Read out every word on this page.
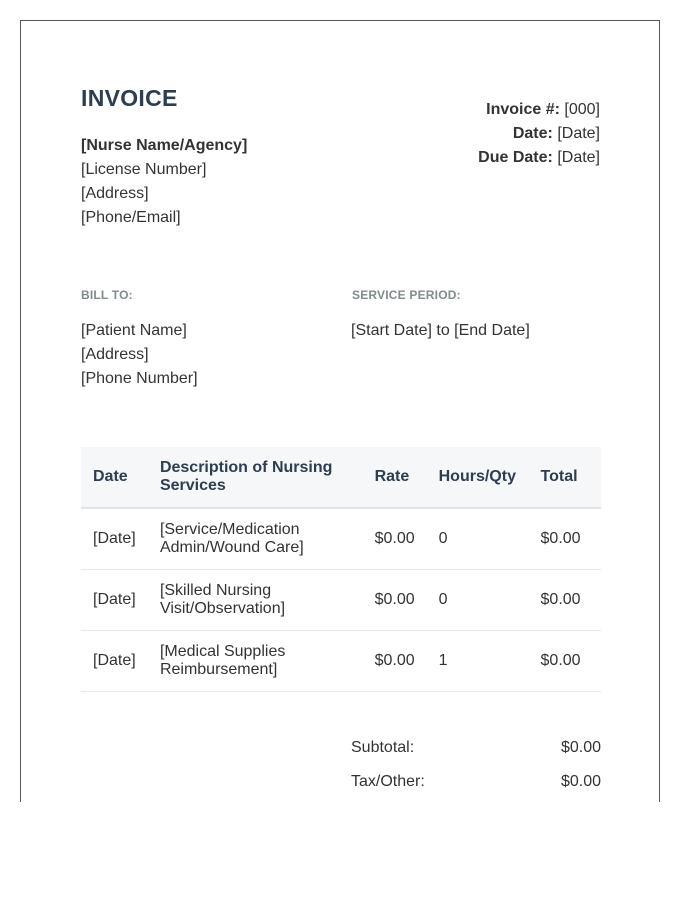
INVOICE
[Nurse Name/Agency]
[License Number]
[Address]
[Phone/Email]
Invoice #: [000]
Date: [Date]
Due Date: [Date]
BILL TO:
[Patient Name]
[Address]
[Phone Number]
SERVICE PERIOD:
[Start Date] to [End Date]
Date	Description of Nursing Services	Rate	Hours/Qty	Total
[Date]	[Service/Medication Admin/Wound Care]	$0.00	0	$0.00
[Date]	[Skilled Nursing Visit/Observation]	$0.00	0	$0.00
[Date]	[Medical Supplies Reimbursement]	$0.00	1	$0.00
Subtotal:	$0.00
Tax/Other:	$0.00
